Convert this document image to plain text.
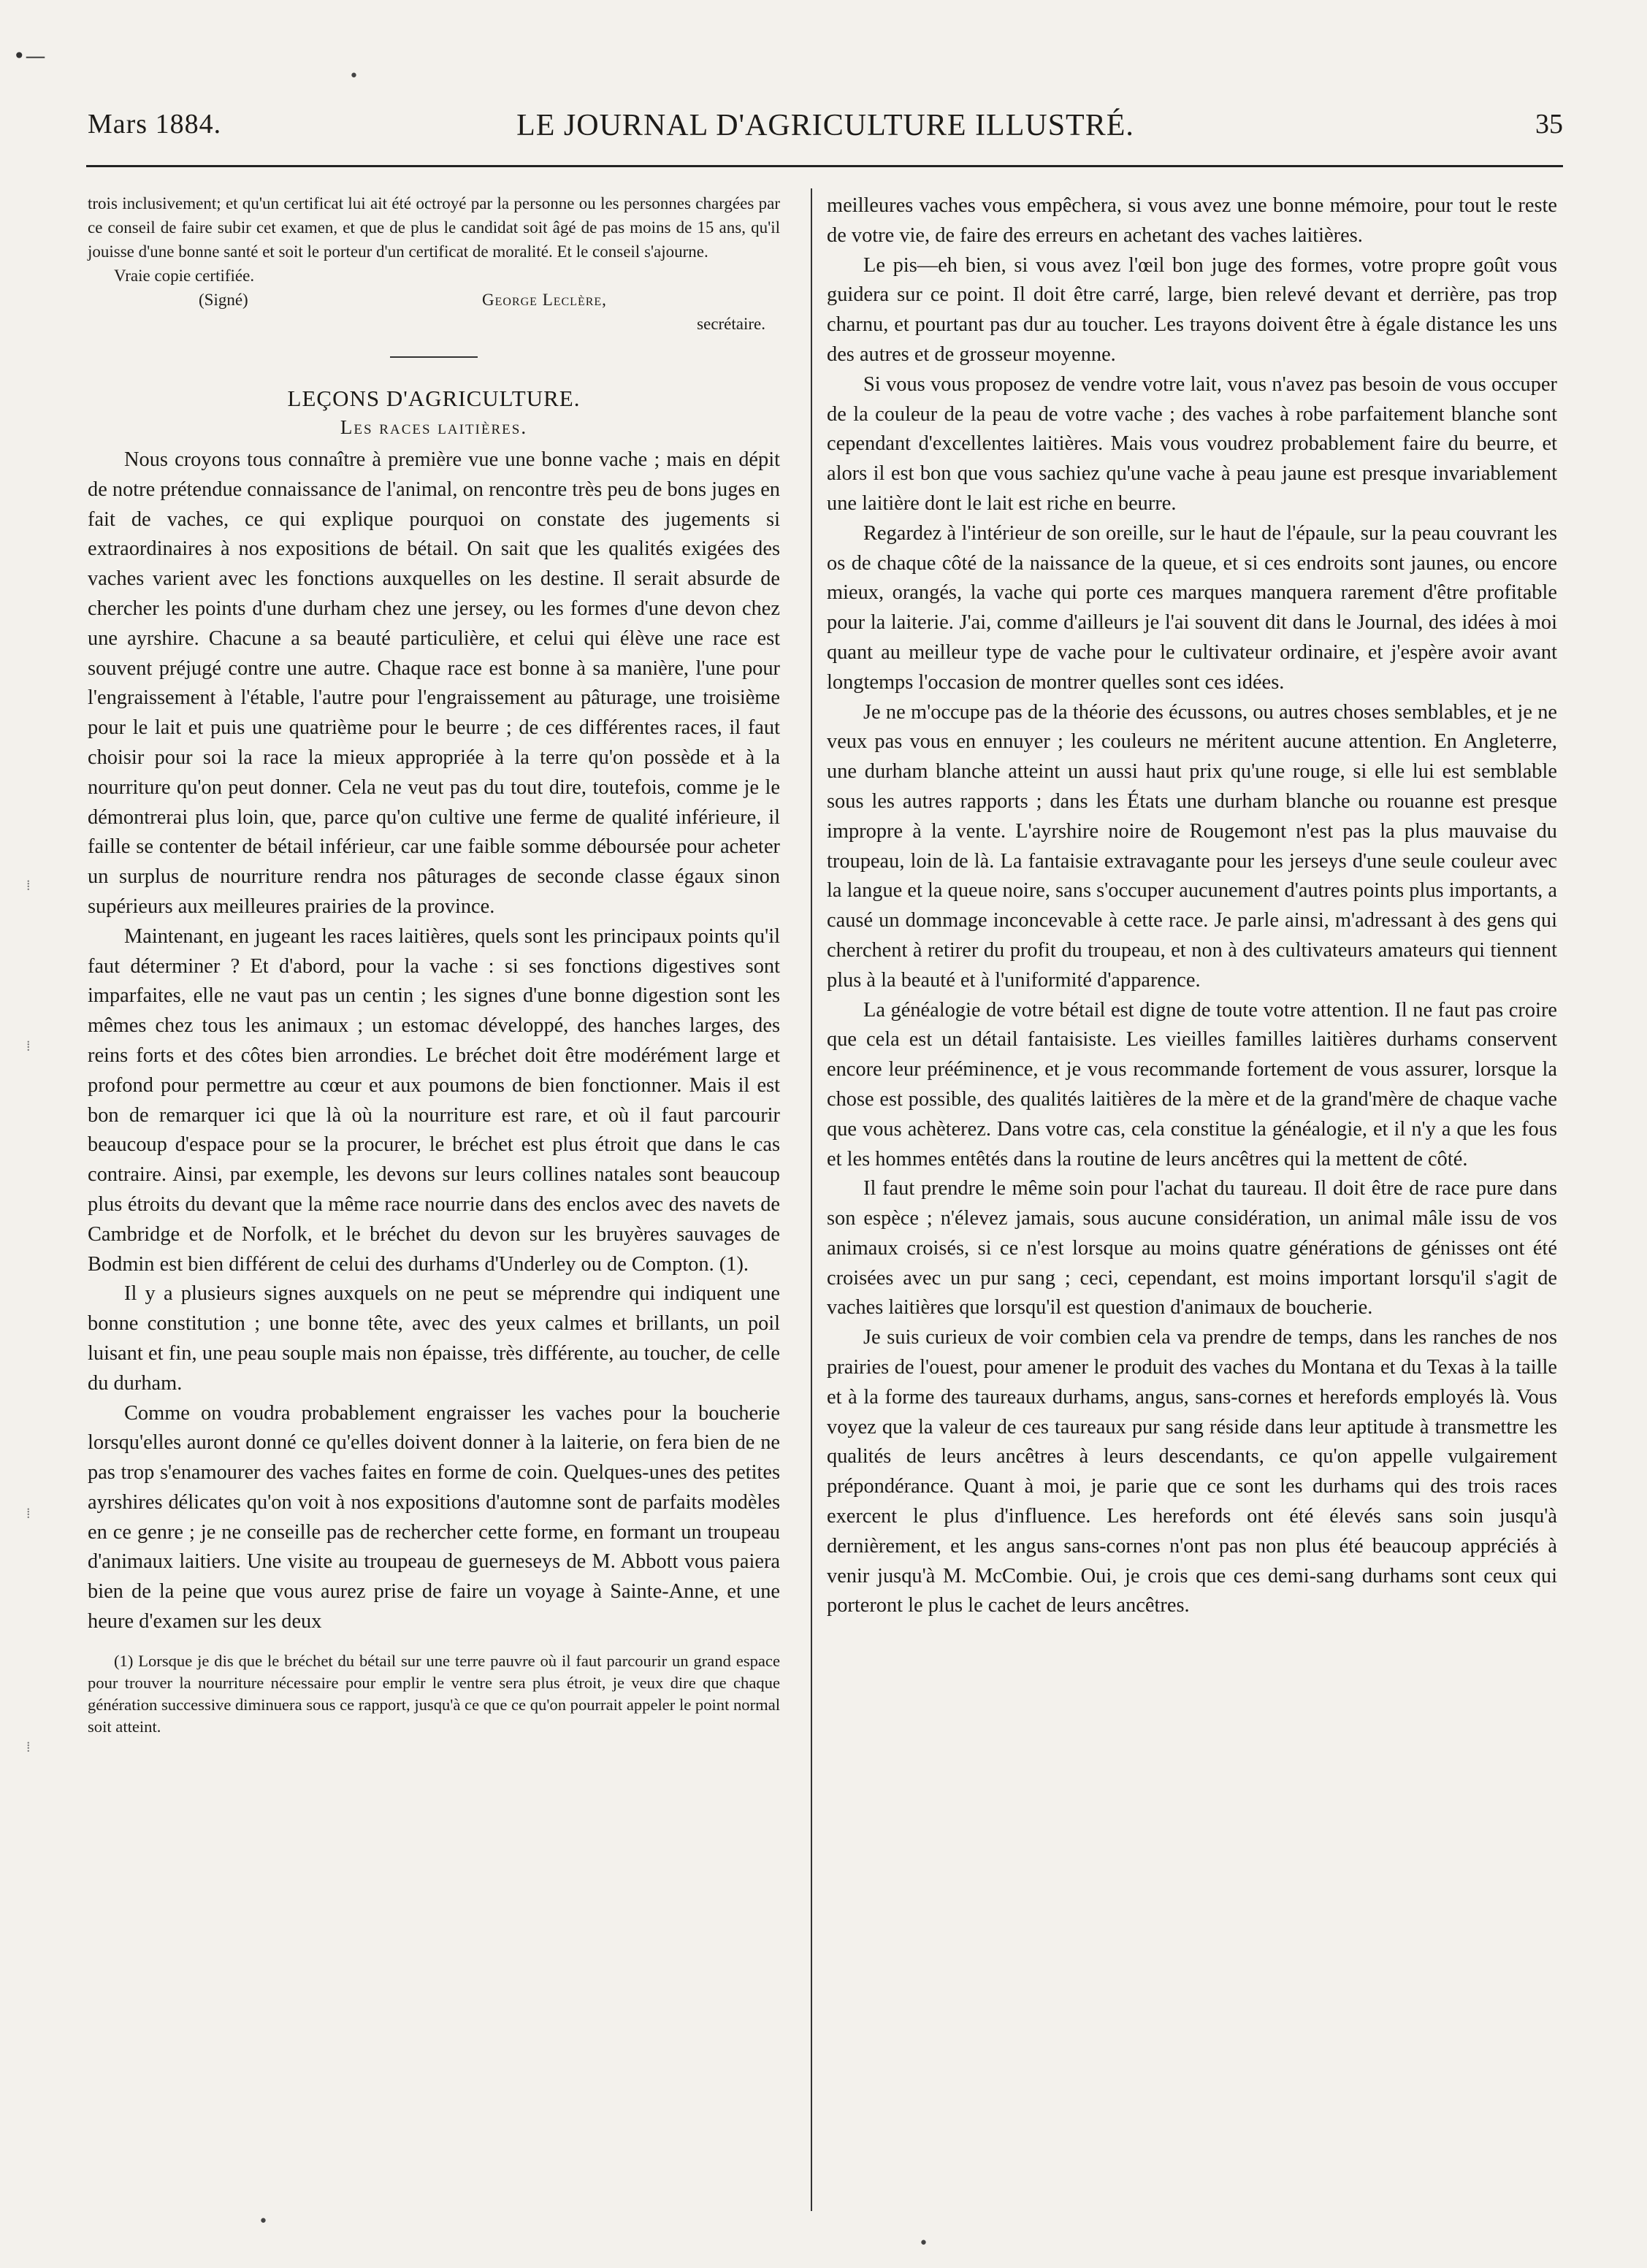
•—
Mars 1884.	LE JOURNAL D'AGRICULTURE ILLUSTRÉ.	35

trois inclusivement; et qu'un certificat lui ait été octroyé par la personne ou les personnes chargées par ce conseil de faire subir cet examen, et que de plus le candidat soit âgé de pas moins de 15 ans, qu'il jouisse d'une bonne santé et soit le porteur d'un certificat de moralité. Et le conseil s'ajourne.

Vraie copie certifiée.

(Signé)	George Leclère,

secrétaire.

LEÇONS D'AGRICULTURE.

Les races laitières.

Nous croyons tous connaître à première vue une bonne vache ; mais en dépit de notre prétendue connaissance de l'animal, on rencontre très peu de bons juges en fait de vaches, ce qui explique pourquoi on constate des jugements si extraordinaires à nos expositions de bétail. On sait que les qualités exigées des vaches varient avec les fonctions auxquelles on les destine. Il serait absurde de chercher les points d'une durham chez une jersey, ou les formes d'une devon chez une ayrshire. Chacune a sa beauté particulière, et celui qui élève une race est souvent préjugé contre une autre. Chaque race est bonne à sa manière, l'une pour l'engraissement à l'étable, l'autre pour l'engraissement au pâturage, une troisième pour le lait et puis une quatrième pour le beurre ; de ces différentes races, il faut choisir pour soi la race la mieux appropriée à la terre qu'on possède et à la nourriture qu'on peut donner. Cela ne veut pas du tout dire, toutefois, comme je le démontrerai plus loin, que, parce qu'on cultive une ferme de qualité inférieure, il faille se contenter de bétail inférieur, car une faible somme déboursée pour acheter un surplus de nourriture rendra nos pâturages de seconde classe égaux sinon supérieurs aux meilleures prairies de la province.

Maintenant, en jugeant les races laitières, quels sont les principaux points qu'il faut déterminer ? Et d'abord, pour la vache : si ses fonctions digestives sont imparfaites, elle ne vaut pas un centin ; les signes d'une bonne digestion sont les mêmes chez tous les animaux ; un estomac développé, des hanches larges, des reins forts et des côtes bien arrondies. Le bréchet doit être modérément large et profond pour permettre au cœur et aux poumons de bien fonctionner. Mais il est bon de remarquer ici que là où la nourriture est rare, et où il faut parcourir beaucoup d'espace pour se la procurer, le bréchet est plus étroit que dans le cas contraire. Ainsi, par exemple, les devons sur leurs collines natales sont beaucoup plus étroits du devant que la même race nourrie dans des enclos avec des navets de Cambridge et de Norfolk, et le bréchet du devon sur les bruyères sauvages de Bodmin est bien différent de celui des durhams d'Underley ou de Compton. (1).

Il y a plusieurs signes auxquels on ne peut se méprendre qui indiquent une bonne constitution ; une bonne tête, avec des yeux calmes et brillants, un poil luisant et fin, une peau souple mais non épaisse, très différente, au toucher, de celle du durham.

Comme on voudra probablement engraisser les vaches pour la boucherie lorsqu'elles auront donné ce qu'elles doivent donner à la laiterie, on fera bien de ne pas trop s'enamourer des vaches faites en forme de coin. Quelques-unes des petites ayrshires délicates qu'on voit à nos expositions d'automne sont de parfaits modèles en ce genre ; je ne conseille pas de rechercher cette forme, en formant un troupeau d'animaux laitiers. Une visite au troupeau de guerneseys de M. Abbott vous paiera bien de la peine que vous aurez prise de faire un voyage à Sainte-Anne, et une heure d'examen sur les deux

(1) Lorsque je dis que le bréchet du bétail sur une terre pauvre où il faut parcourir un grand espace pour trouver la nourriture nécessaire pour emplir le ventre sera plus étroit, je veux dire que chaque génération successive diminuera sous ce rapport, jusqu'à ce que ce qu'on pourrait appeler le point normal soit atteint.

meilleures vaches vous empêchera, si vous avez une bonne mémoire, pour tout le reste de votre vie, de faire des erreurs en achetant des vaches laitières.

Le pis—eh bien, si vous avez l'œil bon juge des formes, votre propre goût vous guidera sur ce point. Il doit être carré, large, bien relevé devant et derrière, pas trop charnu, et pourtant pas dur au toucher. Les trayons doivent être à égale distance les uns des autres et de grosseur moyenne.

Si vous vous proposez de vendre votre lait, vous n'avez pas besoin de vous occuper de la couleur de la peau de votre vache ; des vaches à robe parfaitement blanche sont cependant d'excellentes laitières. Mais vous voudrez probablement faire du beurre, et alors il est bon que vous sachiez qu'une vache à peau jaune est presque invariablement une laitière dont le lait est riche en beurre.

Regardez à l'intérieur de son oreille, sur le haut de l'épaule, sur la peau couvrant les os de chaque côté de la naissance de la queue, et si ces endroits sont jaunes, ou encore mieux, orangés, la vache qui porte ces marques manquera rarement d'être profitable pour la laiterie. J'ai, comme d'ailleurs je l'ai souvent dit dans le Journal, des idées à moi quant au meilleur type de vache pour le cultivateur ordinaire, et j'espère avoir avant longtemps l'occasion de montrer quelles sont ces idées.

Je ne m'occupe pas de la théorie des écussons, ou autres choses semblables, et je ne veux pas vous en ennuyer ; les couleurs ne méritent aucune attention. En Angleterre, une durham blanche atteint un aussi haut prix qu'une rouge, si elle lui est semblable sous les autres rapports ; dans les États une durham blanche ou rouanne est presque impropre à la vente. L'ayrshire noire de Rougemont n'est pas la plus mauvaise du troupeau, loin de là. La fantaisie extravagante pour les jerseys d'une seule couleur avec la langue et la queue noire, sans s'occuper aucunement d'autres points plus importants, a causé un dommage inconcevable à cette race. Je parle ainsi, m'adressant à des gens qui cherchent à retirer du profit du troupeau, et non à des cultivateurs amateurs qui tiennent plus à la beauté et à l'uniformité d'apparence.

La généalogie de votre bétail est digne de toute votre attention. Il ne faut pas croire que cela est un détail fantaisiste. Les vieilles familles laitières durhams conservent encore leur prééminence, et je vous recommande fortement de vous assurer, lorsque la chose est possible, des qualités laitières de la mère et de la grand'mère de chaque vache que vous achèterez. Dans votre cas, cela constitue la généalogie, et il n'y a que les fous et les hommes entêtés dans la routine de leurs ancêtres qui la mettent de côté.

Il faut prendre le même soin pour l'achat du taureau. Il doit être de race pure dans son espèce ; n'élevez jamais, sous aucune considération, un animal mâle issu de vos animaux croisés, si ce n'est lorsque au moins quatre générations de génisses ont été croisées avec un pur sang ; ceci, cependant, est moins important lorsqu'il s'agit de vaches laitières que lorsqu'il est question d'animaux de boucherie.

Je suis curieux de voir combien cela va prendre de temps, dans les ranches de nos prairies de l'ouest, pour amener le produit des vaches du Montana et du Texas à la taille et à la forme des taureaux durhams, angus, sans-cornes et herefords employés là. Vous voyez que la valeur de ces taureaux pur sang réside dans leur aptitude à transmettre les qualités de leurs ancêtres à leurs descendants, ce qu'on appelle vulgairement prépondérance. Quant à moi, je parie que ce sont les durhams qui des trois races exercent le plus d'influence. Les herefords ont été élevés sans soin jusqu'à dernièrement, et les angus sans-cornes n'ont pas non plus été beaucoup appréciés à venir jusqu'à M. McCombie. Oui, je crois que ces demi-sang durhams sont ceux qui porteront le plus le cachet de leurs ancêtres.

⁞
⁞
⁞
⁞
•
•
•
